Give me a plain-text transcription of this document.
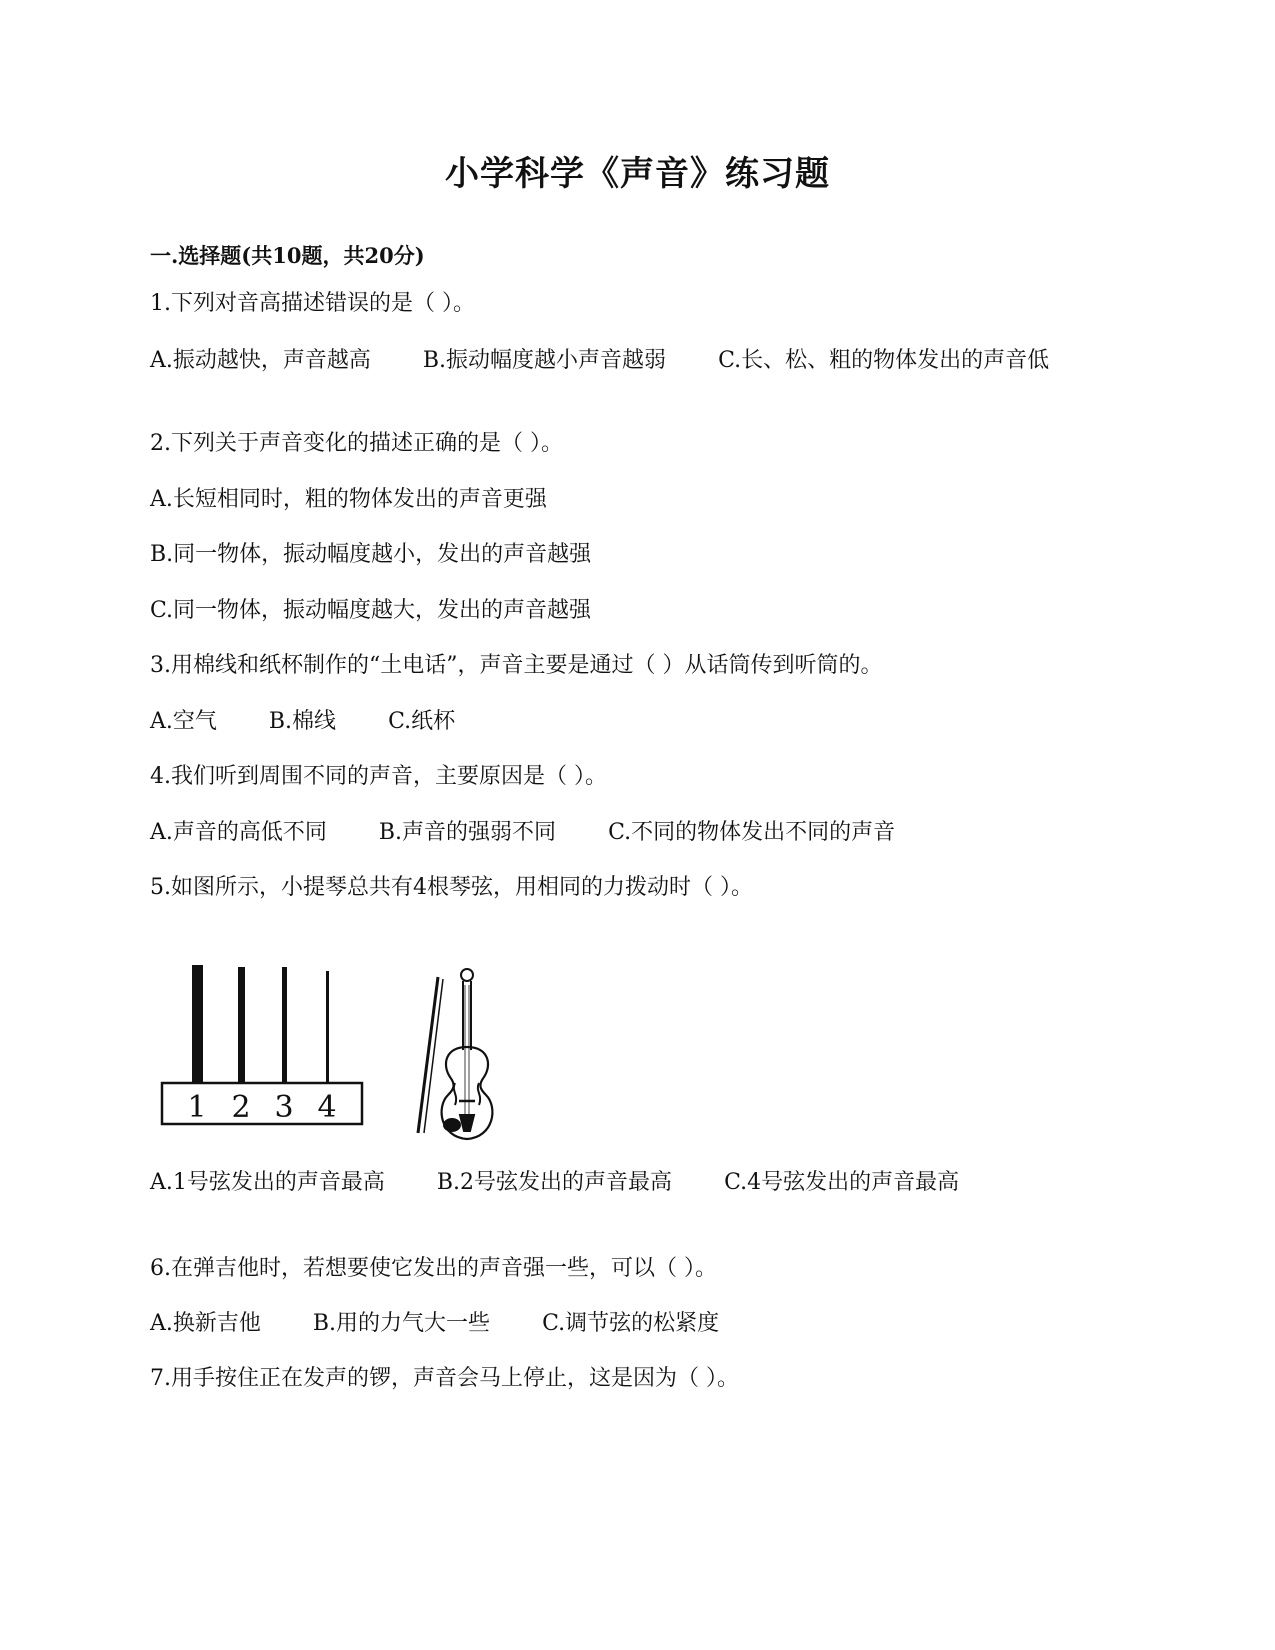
小学科学《声音》练习题

一.选择题(共10题，共20分)

1.下列对音高描述错误的是（ ）。

A.振动越快，声音越高 B.振动幅度越小声音越弱 C.长、松、粗的物体发出的声音低

2.下列关于声音变化的描述正确的是（ ）。

A.长短相同时，粗的物体发出的声音更强

B.同一物体，振动幅度越小，发出的声音越强

C.同一物体，振动幅度越大，发出的声音越强

3.用棉线和纸杯制作的“土电话”，声音主要是通过（ ）从话筒传到听筒的。

A.空气 B.棉线 C.纸杯

4.我们听到周围不同的声音，主要原因是（ ）。

A.声音的高低不同 B.声音的强弱不同 C.不同的物体发出不同的声音

5.如图所示，小提琴总共有4根琴弦，用相同的力拨动时（ ）。

1 2 3 4

A.1号弦发出的声音最高 B.2号弦发出的声音最高 C.4号弦发出的声音最高

6.在弹吉他时，若想要使它发出的声音强一些，可以（ ）。

A.换新吉他 B.用的力气大一些 C.调节弦的松紧度

7.用手按住正在发声的锣，声音会马上停止，这是因为（ ）。
